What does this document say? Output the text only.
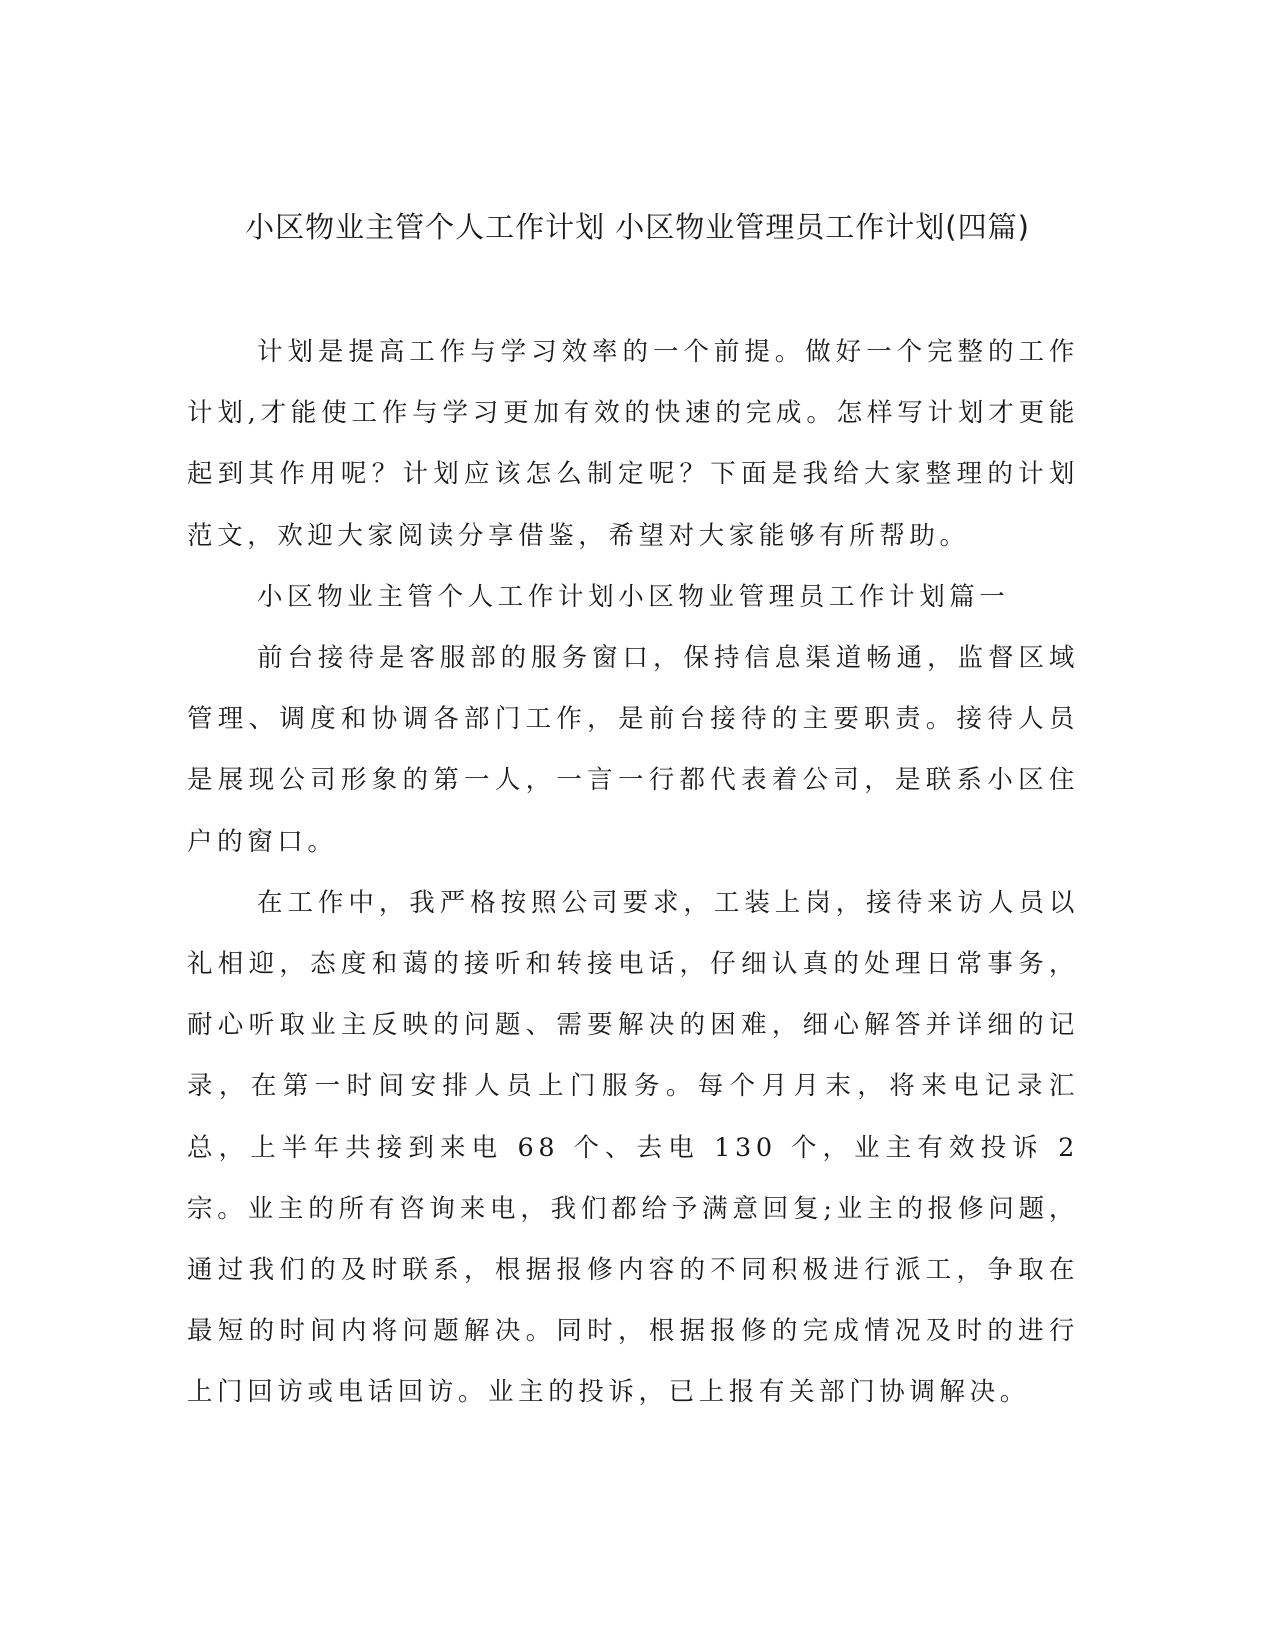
小区物业主管个人工作计划 小区物业管理员工作计划(四篇)

计划是提高工作与学习效率的一个前提。做好一个完整的工作计划,才能使工作与学习更加有效的快速的完成。怎样写计划才更能起到其作用呢？计划应该怎么制定呢？下面是我给大家整理的计划范文，欢迎大家阅读分享借鉴，希望对大家能够有所帮助。

小区物业主管个人工作计划小区物业管理员工作计划篇一

前台接待是客服部的服务窗口，保持信息渠道畅通，监督区域管理、调度和协调各部门工作，是前台接待的主要职责。接待人员是展现公司形象的第一人，一言一行都代表着公司，是联系小区住户的窗口。

在工作中，我严格按照公司要求，工装上岗，接待来访人员以礼相迎，态度和蔼的接听和转接电话，仔细认真的处理日常事务，耐心听取业主反映的问题、需要解决的困难，细心解答并详细的记录，在第一时间安排人员上门服务。每个月月末，将来电记录汇总，上半年共接到来电 68 个、去电 130 个，业主有效投诉 2 宗。业主的所有咨询来电，我们都给予满意回复;业主的报修问题，通过我们的及时联系，根据报修内容的不同积极进行派工，争取在最短的时间内将问题解决。同时，根据报修的完成情况及时的进行上门回访或电话回访。业主的投诉，已上报有关部门协调解决。
